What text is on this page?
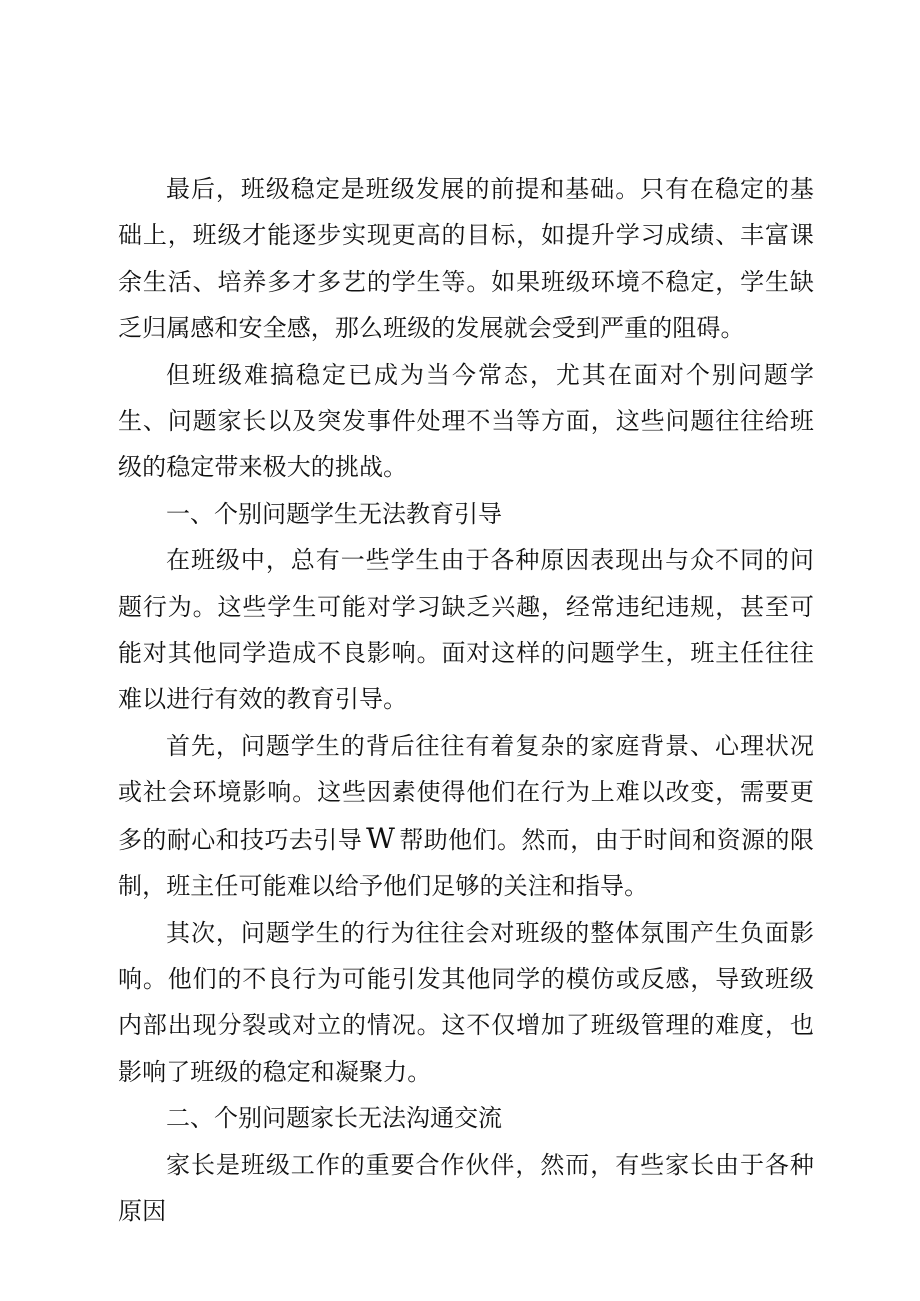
最后，班级稳定是班级发展的前提和基础。只有在稳定的基础上，班级才能逐步实现更高的目标，如提升学习成绩、丰富课余生活、培养多才多艺的学生等。如果班级环境不稳定，学生缺乏归属感和安全感，那么班级的发展就会受到严重的阻碍。

但班级难搞稳定已成为当今常态，尤其在面对个别问题学生、问题家长以及突发事件处理不当等方面，这些问题往往给班级的稳定带来极大的挑战。

一、个别问题学生无法教育引导

在班级中，总有一些学生由于各种原因表现出与众不同的问题行为。这些学生可能对学习缺乏兴趣，经常违纪违规，甚至可能对其他同学造成不良影响。面对这样的问题学生，班主任往往难以进行有效的教育引导。

首先，问题学生的背后往往有着复杂的家庭背景、心理状况或社会环境影响。这些因素使得他们在行为上难以改变，需要更多的耐心和技巧去引导 W 帮助他们。然而，由于时间和资源的限制，班主任可能难以给予他们足够的关注和指导。

其次，问题学生的行为往往会对班级的整体氛围产生负面影响。他们的不良行为可能引发其他同学的模仿或反感，导致班级内部出现分裂或对立的情况。这不仅增加了班级管理的难度，也影响了班级的稳定和凝聚力。

二、个别问题家长无法沟通交流

家长是班级工作的重要合作伙伴，然而，有些家长由于各种原因
